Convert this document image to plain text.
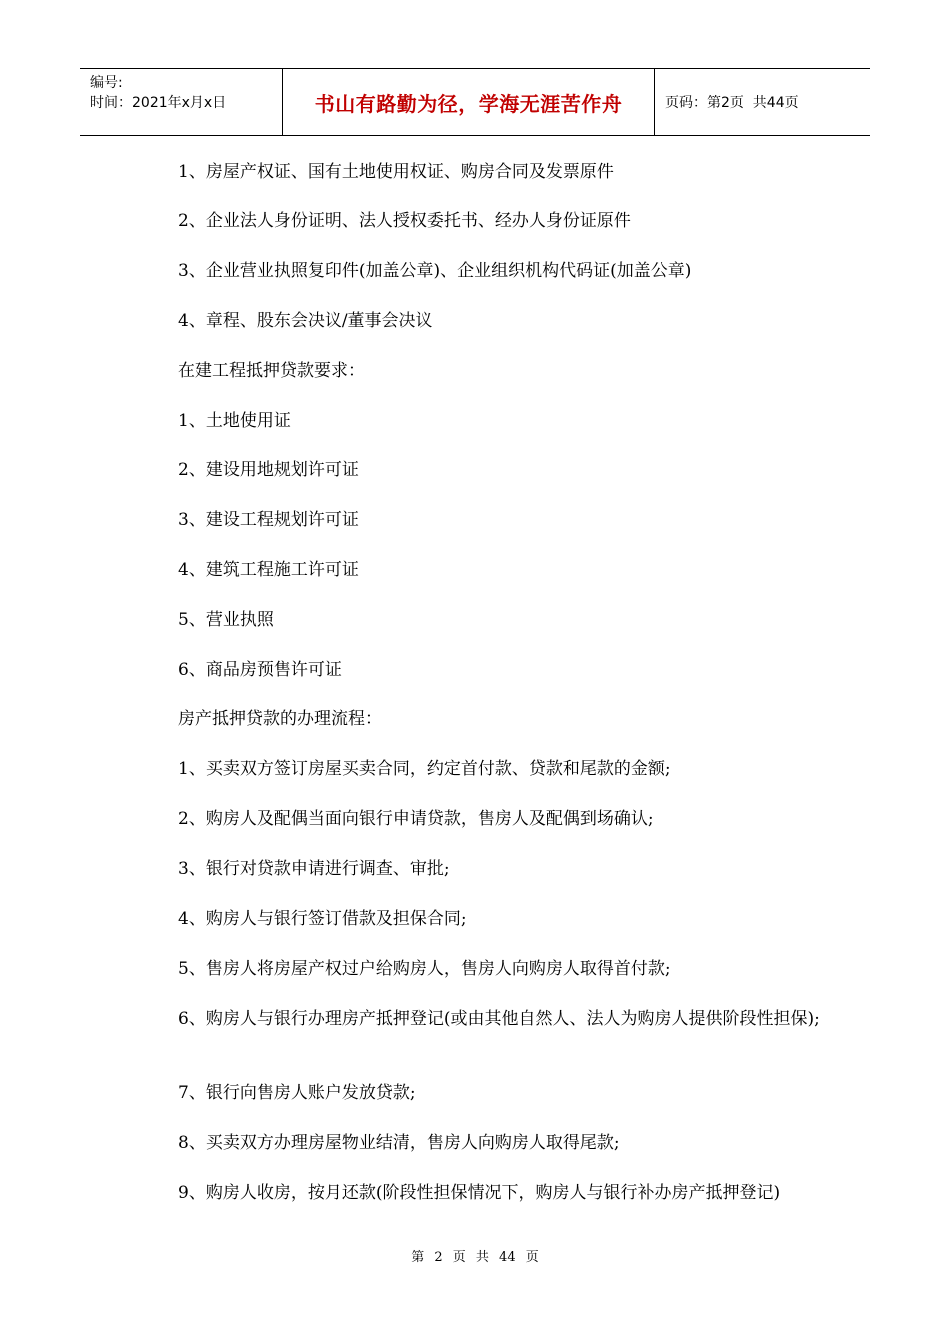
编号:
时间：2021年x月x日	书山有路勤为径，学海无涯苦作舟	页码：第2页  共44页

1、房屋产权证、国有土地使用权证、购房合同及发票原件

2、企业法人身份证明、法人授权委托书、经办人身份证原件

3、企业营业执照复印件(加盖公章)、企业组织机构代码证(加盖公章)

4、章程、股东会决议/董事会决议

在建工程抵押贷款要求：

1、土地使用证

2、建设用地规划许可证

3、建设工程规划许可证

4、建筑工程施工许可证

5、营业执照

6、商品房预售许可证

房产抵押贷款的办理流程：

1、买卖双方签订房屋买卖合同，约定首付款、贷款和尾款的金额;

2、购房人及配偶当面向银行申请贷款，售房人及配偶到场确认;

3、银行对贷款申请进行调查、审批;

4、购房人与银行签订借款及担保合同;

5、售房人将房屋产权过户给购房人，售房人向购房人取得首付款;

6、购房人与银行办理房产抵押登记(或由其他自然人、法人为购房人提供阶段性担保);

7、银行向售房人账户发放贷款;

8、买卖双方办理房屋物业结清，售房人向购房人取得尾款;

9、购房人收房，按月还款(阶段性担保情况下，购房人与银行补办房产抵押登记)

第 2 页 共 44 页
